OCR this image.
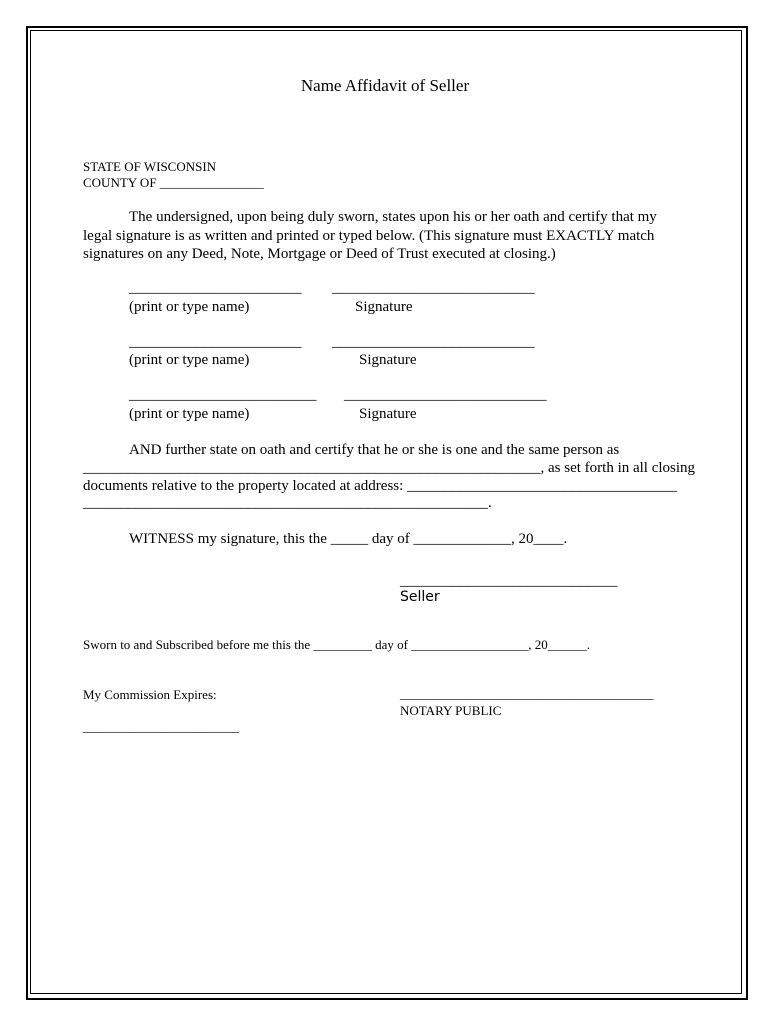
Name Affidavit of Seller
STATE OF WISCONSIN
COUNTY OF ________________
The undersigned, upon being duly sworn, states upon his or her oath and certify that my
legal signature is as written and printed or typed below. (This signature must EXACTLY match
signatures on any Deed, Note, Mortgage or Deed of Trust executed at closing.)
_______________________ ___________________________
(print or type name)	Signature
_______________________ ___________________________
(print or type name)	Signature
_________________________ ___________________________
(print or type name)	Signature
AND further state on oath and certify that he or she is one and the same person as
_____________________________________________________________, as set forth in all closing
documents relative to the property located at address: ____________________________________
______________________________________________________.
WITNESS my signature, this the _____ day of _____________, 20____.
_____________________________
Seller
Sworn to and Subscribed before me this the _________ day of __________________, 20______.
My Commission Expires:	_______________________________________
NOTARY PUBLIC
________________________
